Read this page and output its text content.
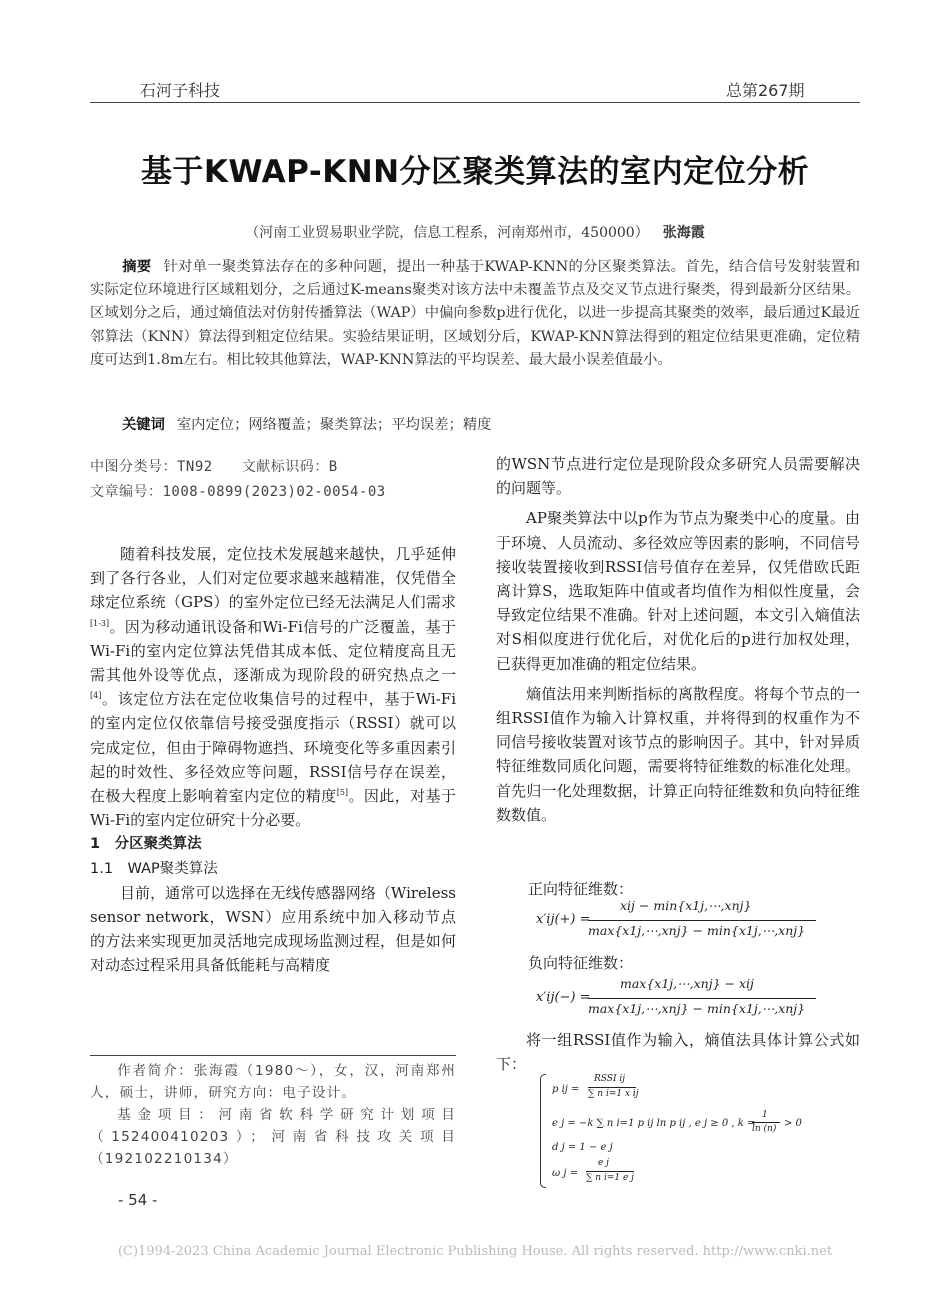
石河子科技	总第267期
基于KWAP-KNN分区聚类算法的室内定位分析
（河南工业贸易职业学院，信息工程系，河南郑州市，450000） 张海霞
摘要 针对单一聚类算法存在的多种问题，提出一种基于KWAP-KNN的分区聚类算法。首先，结合信号发射装置和实际定位环境进行区域粗划分，之后通过K-means聚类对该方法中未覆盖节点及交叉节点进行聚类，得到最新分区结果。区域划分之后，通过熵值法对仿射传播算法（WAP）中偏向参数p进行优化，以进一步提高其聚类的效率，最后通过K最近邻算法（KNN）算法得到粗定位结果。实验结果证明，区域划分后，KWAP-KNN算法得到的粗定位结果更准确，定位精度可达到1.8m左右。相比较其他算法，WAP-KNN算法的平均误差、最大最小误差值最小。
关键词 室内定位；网络覆盖；聚类算法；平均误差；精度
中图分类号：TN92　　文献标识码：B
文章编号：1008-0899(2023)02-0054-03

随着科技发展，定位技术发展越来越快，几乎延伸到了各行各业，人们对定位要求越来越精准，仅凭借全球定位系统（GPS）的室外定位已经无法满足人们需求[1-3]。因为移动通讯设备和Wi-Fi信号的广泛覆盖，基于Wi-Fi的室内定位算法凭借其成本低、定位精度高且无需其他外设等优点，逐渐成为现阶段的研究热点之一[4]。该定位方法在定位收集信号的过程中，基于Wi-Fi的室内定位仅依靠信号接受强度指示（RSSI）就可以完成定位，但由于障碍物遮挡、环境变化等多重因素引起的时效性、多径效应等问题，RSSI信号存在误差，在极大程度上影响着室内定位的精度[5]。因此，对基于Wi-Fi的室内定位研究十分必要。

1　分区聚类算法

1.1　WAP聚类算法

目前，通常可以选择在无线传感器网络（Wireless sensor network，WSN）应用系统中加入移动节点的方法来实现更加灵活地完成现场监测过程，但是如何对动态过程采用具备低能耗与高精度

作者简介：张海霞（1980～），女，汉，河南郑州人，硕士，讲师，研究方向：电子设计。

基金项目：河南省软科学研究计划项目（152400410203）；河南省科技攻关项目（192102210134）

- 54 -

的WSN节点进行定位是现阶段众多研究人员需要解决的问题等。

AP聚类算法中以p作为节点为聚类中心的度量。由于环境、人员流动、多径效应等因素的影响，不同信号接收装置接收到RSSI信号值存在差异，仅凭借欧氏距离计算S，选取矩阵中值或者均值作为相似性度量，会导致定位结果不准确。针对上述问题，本文引入熵值法对S相似度进行优化后，对优化后的p进行加权处理，已获得更加准确的粗定位结果。

熵值法用来判断指标的离散程度。将每个节点的一组RSSI值作为输入计算权重，并将得到的权重作为不同信号接收装置对该节点的影响因子。其中，针对异质特征维数同质化问题，需要将特征维数的标准化处理。首先归一化处理数据，计算正向特征维数和负向特征维数数值。

正向特征维数：
x′ij(+) =
xij − min{x1j,⋯,xnj}
max{x1j,⋯,xnj} − min{x1j,⋯,xnj}
负向特征维数：
x′ij(−) =
max{x1j,⋯,xnj} − xij
max{x1j,⋯,xnj} − min{x1j,⋯,xnj}

将一组RSSI值作为输入，熵值法具体计算公式如下：

p ij =
RSSI ij
∑ n i=1 x ij
e j = −k ∑ n i=1 p ij ln p ij , e j ≥ 0 , k =
1
ln (n) > 0
d j = 1 − e j
ω j =
e j
∑ n i=1 e j
(C)1994-2023 China Academic Journal Electronic Publishing House. All rights reserved. http://www.cnki.net
